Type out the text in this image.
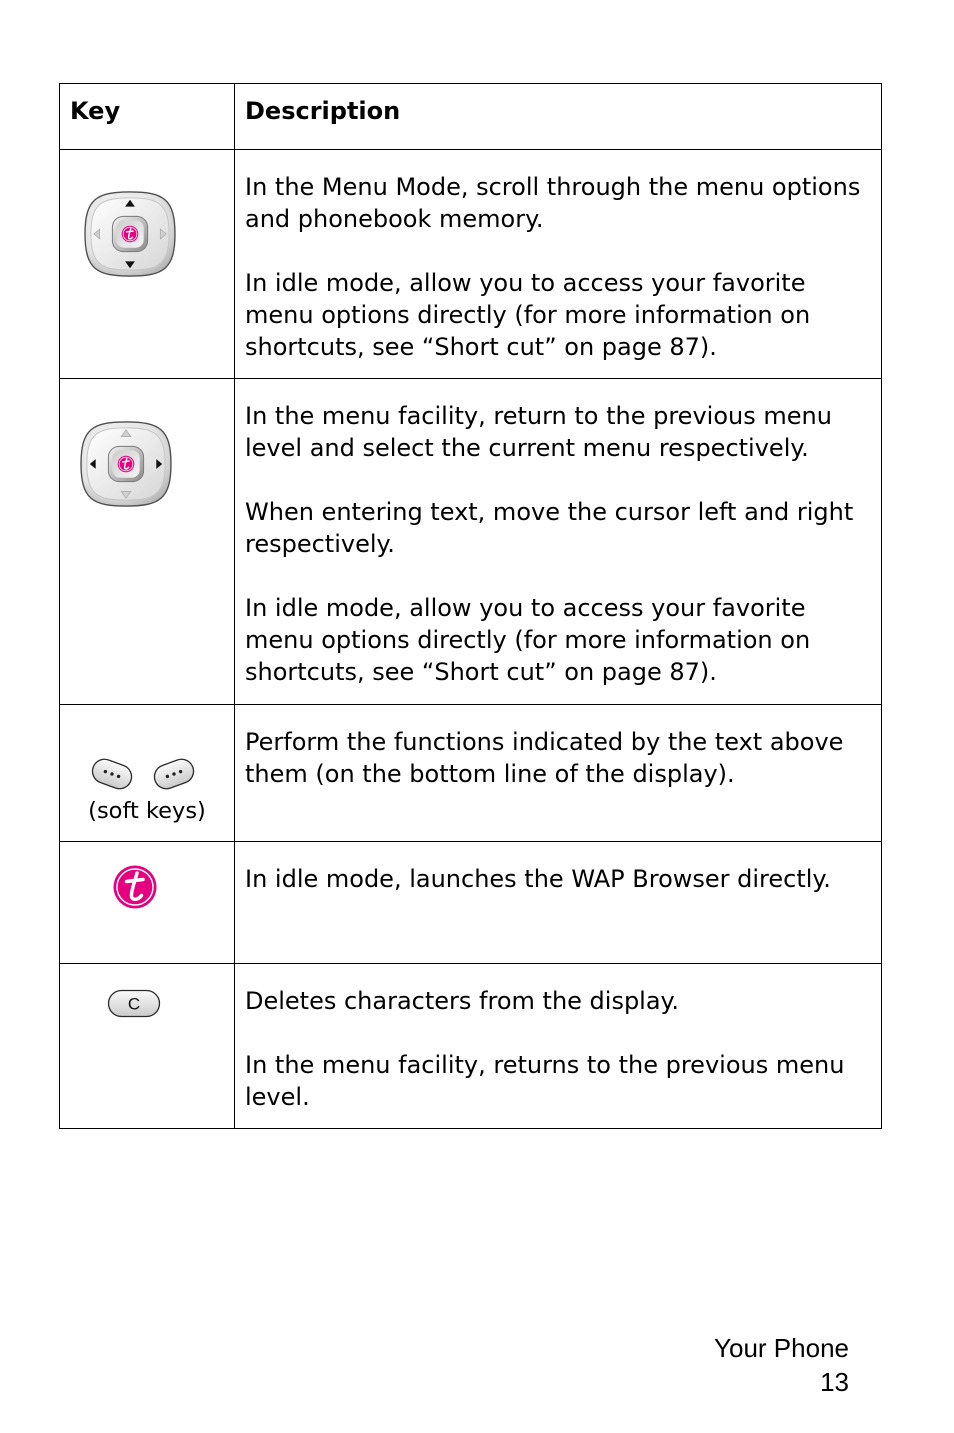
Key	Description

In the Menu Mode, scroll through the menu options
and phonebook memory.

In idle mode, allow you to access your favorite
menu options directly (for more information on
shortcuts, see “Short cut” on page 87).

In the menu facility, return to the previous menu
level and select the current menu respectively.

When entering text, move the cursor left and right
respectively.

In idle mode, allow you to access your favorite
menu options directly (for more information on
shortcuts, see “Short cut” on page 87).

(soft keys)

Perform the functions indicated by the text above
them (on the bottom line of the display).

In idle mode, launches the WAP Browser directly.

C	Deletes characters from the display.

In the menu facility, returns to the previous menu
level.

Your Phone
13
